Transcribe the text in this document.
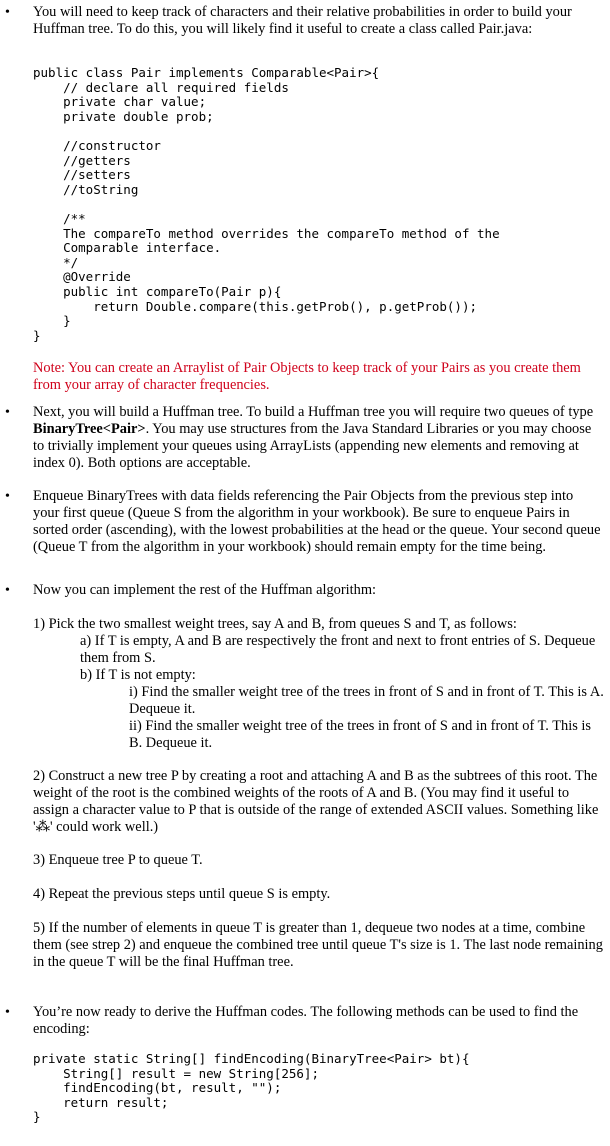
• You will need to keep track of characters and their relative probabilities in order to build your Huffman tree. To do this, you will likely find it useful to create a class called Pair.java:
public class Pair implements Comparable<Pair>{
// declare all required fields
private char value;
private double prob;

//constructor
//getters
//setters
//toString

/**
The compareTo method overrides the compareTo method of the
Comparable interface.
*/
@Override
public int compareTo(Pair p){
return Double.compare(this.getProb(), p.getProb());
}
}
Note: You can create an Arraylist of Pair Objects to keep track of your Pairs as you create them from your array of character frequencies.
• Next, you will build a Huffman tree. To build a Huffman tree you will require two queues of type BinaryTree<Pair>. You may use structures from the Java Standard Libraries or you may choose to trivially implement your queues using ArrayLists (appending new elements and removing at index 0). Both options are acceptable.
• Enqueue BinaryTrees with data fields referencing the Pair Objects from the previous step into your first queue (Queue S from the algorithm in your workbook). Be sure to enqueue Pairs in sorted order (ascending), with the lowest probabilities at the head or the queue. Your second queue (Queue T from the algorithm in your workbook) should remain empty for the time being.
• Now you can implement the rest of the Huffman algorithm:
1) Pick the two smallest weight trees, say A and B, from queues S and T, as follows:
a) If T is empty, A and B are respectively the front and next to front entries of S. Dequeue them from S.
b) If T is not empty:
i) Find the smaller weight tree of the trees in front of S and in front of T. This is A. Dequeue it.
ii) Find the smaller weight tree of the trees in front of S and in front of T. This is B. Dequeue it.
2) Construct a new tree P by creating a root and attaching A and B as the subtrees of this root. The weight of the root is the combined weights of the roots of A and B. (You may find it useful to assign a character value to P that is outside of the range of extended ASCII values. Something like '⁂' could work well.)
3) Enqueue tree P to queue T.
4) Repeat the previous steps until queue S is empty.
5) If the number of elements in queue T is greater than 1, dequeue two nodes at a time, combine them (see strep 2) and enqueue the combined tree until queue T's size is 1. The last node remaining in the queue T will be the final Huffman tree.
• You’re now ready to derive the Huffman codes. The following methods can be used to find the encoding:
private static String[] findEncoding(BinaryTree<Pair> bt){
String[] result = new String[256];
findEncoding(bt, result, "");
return result;
}
